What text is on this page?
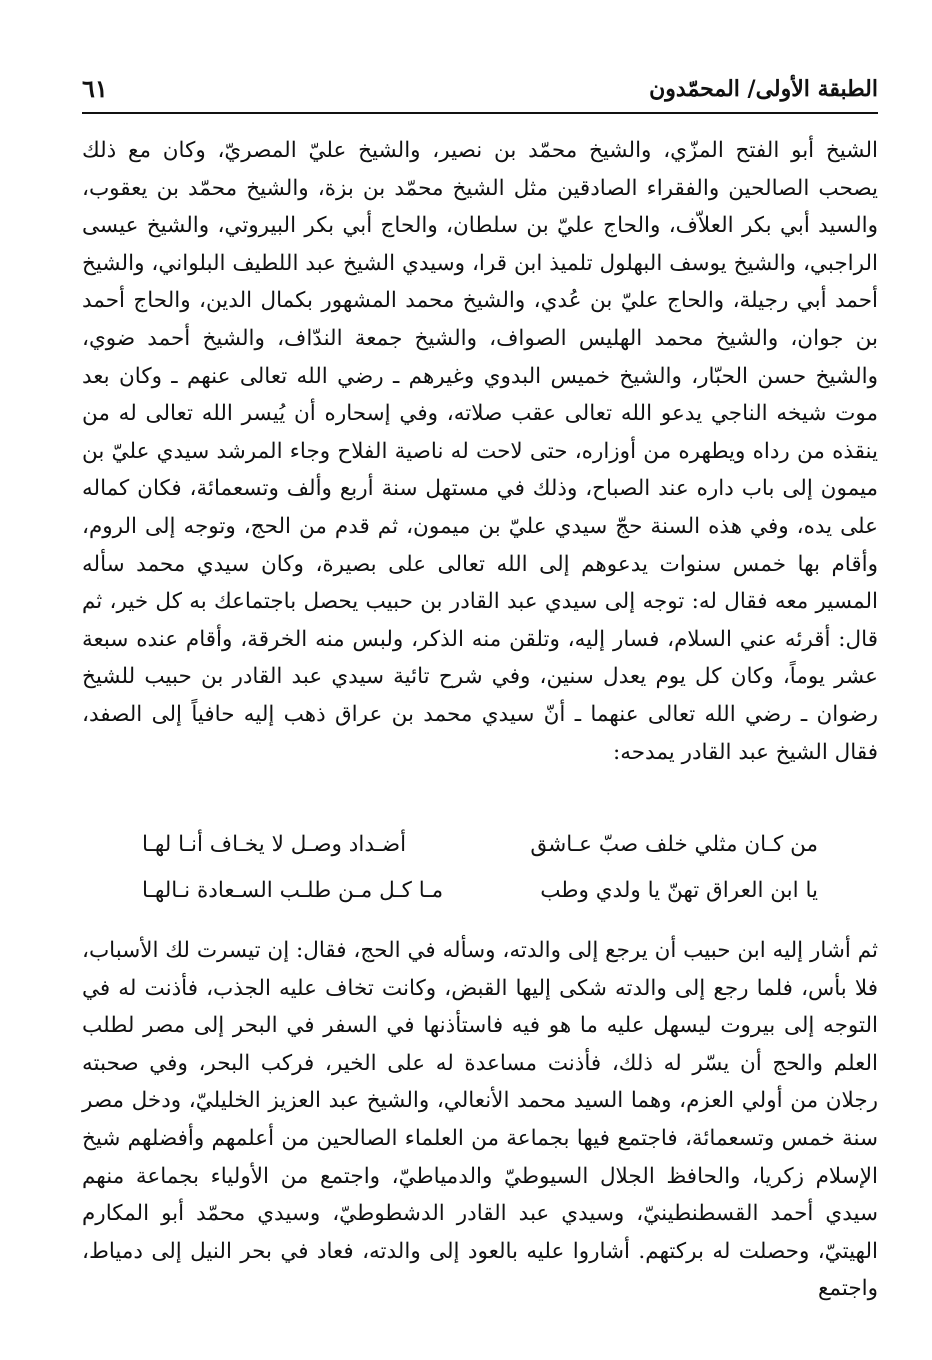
الطبقة الأولى/ المحمّدون
٦١

الشيخ أبو الفتح المزّي، والشيخ محمّد بن نصير، والشيخ عليّ المصريّ، وكان مع ذلك يصحب الصالحين والفقراء الصادقين مثل الشيخ محمّد بن بزة، والشيخ محمّد بن يعقوب، والسيد أبي بكر العلاّف، والحاج عليّ بن سلطان، والحاج أبي بكر البيروتي، والشيخ عيسى الراجبي، والشيخ يوسف البهلول تلميذ ابن قرا، وسيدي الشيخ عبد اللطيف البلواني، والشيخ أحمد أبي رجيلة، والحاج عليّ بن عُدي، والشيخ محمد المشهور بكمال الدين، والحاج أحمد بن جوان، والشيخ محمد الهليس الصواف، والشيخ جمعة الندّاف، والشيخ أحمد ضوي، والشيخ حسن الحبّار، والشيخ خميس البدوي وغيرهم ـ رضي الله تعالى عنهم ـ وكان بعد موت شيخه الناجي يدعو الله تعالى عقب صلاته، وفي إسحاره أن يُيسر الله تعالى له من ينقذه من رداه ويطهره من أوزاره، حتى لاحت له ناصية الفلاح وجاء المرشد سيدي عليّ بن ميمون إلى باب داره عند الصباح، وذلك في مستهل سنة أربع وألف وتسعمائة، فكان كماله على يده، وفي هذه السنة حجّ سيدي عليّ بن ميمون، ثم قدم من الحج، وتوجه إلى الروم، وأقام بها خمس سنوات يدعوهم إلى الله تعالى على بصيرة، وكان سيدي محمد سأله المسير معه فقال له: توجه إلى سيدي عبد القادر بن حبيب يحصل باجتماعك به كل خير، ثم قال: أقرئه عني السلام، فسار إليه، وتلقن منه الذكر، ولبس منه الخرقة، وأقام عنده سبعة عشر يوماً، وكان كل يوم يعدل سنين، وفي شرح تائية سيدي عبد القادر بن حبيب للشيخ رضوان ـ رضي الله تعالى عنهما ـ أنّ سيدي محمد بن عراق ذهب إليه حافياً إلى الصفد، فقال الشيخ عبد القادر يمدحه:

من كـان مثلي خلف صبّ عـاشق
أضـداد وصـل لا يخـاف أنـا لهـا
يا ابن العراق تهنّ يا ولدي وطب
مـا كـل مـن طلـب السـعادة نـالهـا

ثم أشار إليه ابن حبيب أن يرجع إلى والدته، وسأله في الحج، فقال: إن تيسرت لك الأسباب، فلا بأس، فلما رجع إلى والدته شكى إليها القبض، وكانت تخاف عليه الجذب، فأذنت له في التوجه إلى بيروت ليسهل عليه ما هو فيه فاستأذنها في السفر في البحر إلى مصر لطلب العلم والحج أن يسّر له ذلك، فأذنت مساعدة له على الخير، فركب البحر، وفي صحبته رجلان من أولي العزم، وهما السيد محمد الأنعالي، والشيخ عبد العزيز الخليليّ، ودخل مصر سنة خمس وتسعمائة، فاجتمع فيها بجماعة من العلماء الصالحين من أعلمهم وأفضلهم شيخ الإسلام زكريا، والحافظ الجلال السيوطيّ والدمياطيّ، واجتمع من الأولياء بجماعة منهم سيدي أحمد القسطنطينيّ، وسيدي عبد القادر الدشطوطيّ، وسيدي محمّد أبو المكارم الهيتيّ، وحصلت له بركتهم. أشاروا عليه بالعود إلى والدته، فعاد في بحر النيل إلى دمياط، واجتمع
